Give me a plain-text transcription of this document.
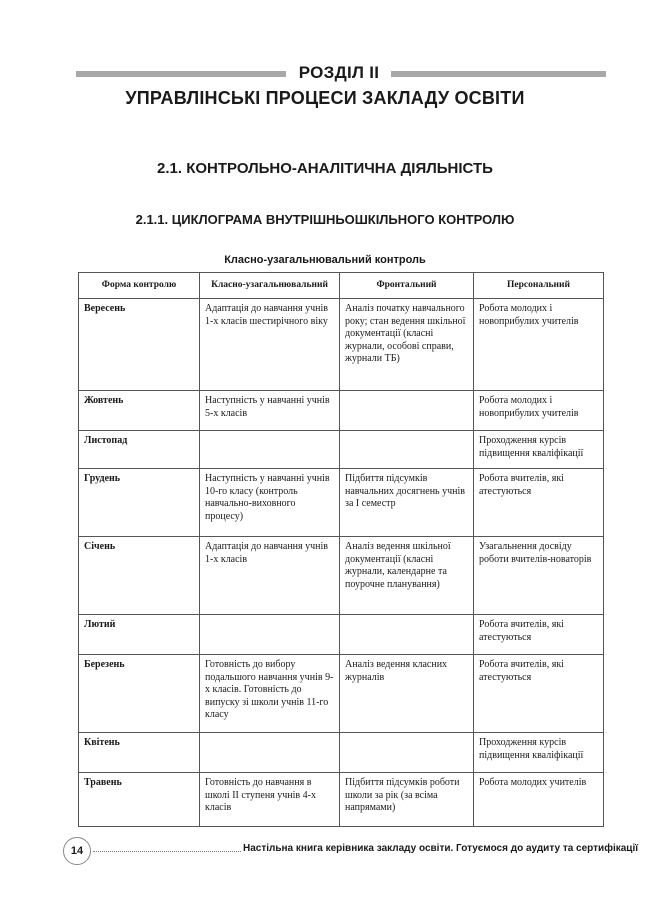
РОЗДІЛ II
УПРАВЛІНСЬКІ ПРОЦЕСИ ЗАКЛАДУ ОСВІТИ
2.1. КОНТРОЛЬНО-АНАЛІТИЧНА ДІЯЛЬНІСТЬ
2.1.1. ЦИКЛОГРАМА ВНУТРІШНЬОШКІЛЬНОГО КОНТРОЛЮ
Класно-узагальнювальний контроль
Форма контролю	Класно-узагальнювальний	Фронтальний	Персональний
Вересень	Адаптація до навчання учнів 1-х класів шестирічного віку	Аналіз початку навчального року; стан ведення шкільної документації (класні журнали, особові справи, журнали ТБ)	Робота молодих і новоприбулих учителів
Жовтень	Наступність у навчанні учнів 5-х класів		Робота молодих і новоприбулих учителів
Листопад			Проходження курсів підвищення кваліфікації
Грудень	Наступність у навчанні учнів 10-го класу (контроль навчально-виховного процесу)	Підбиття підсумків навчальних досягнень учнів за I семестр	Робота вчителів, які атестуються
Січень	Адаптація до навчання учнів 1-х класів	Аналіз ведення шкільної документації (класні журнали, календарне та поурочне планування)	Узагальнення досвіду роботи вчителів-новаторів
Лютий			Робота вчителів, які атестуються
Березень	Готовність до вибору подальшого навчання учнів 9-х класів. Готовність до випуску зі школи учнів 11-го класу	Аналіз ведення класних журналів	Робота вчителів, які атестуються
Квітень			Проходження курсів підвищення кваліфікації
Травень	Готовність до навчання в школі II ступеня учнів 4-х класів	Підбиття підсумків роботи школи за рік (за всіма напрямами)	Робота молодих учителів
14	Настільна книга керівника закладу освіти. Готуємося до аудиту та сертифікації
